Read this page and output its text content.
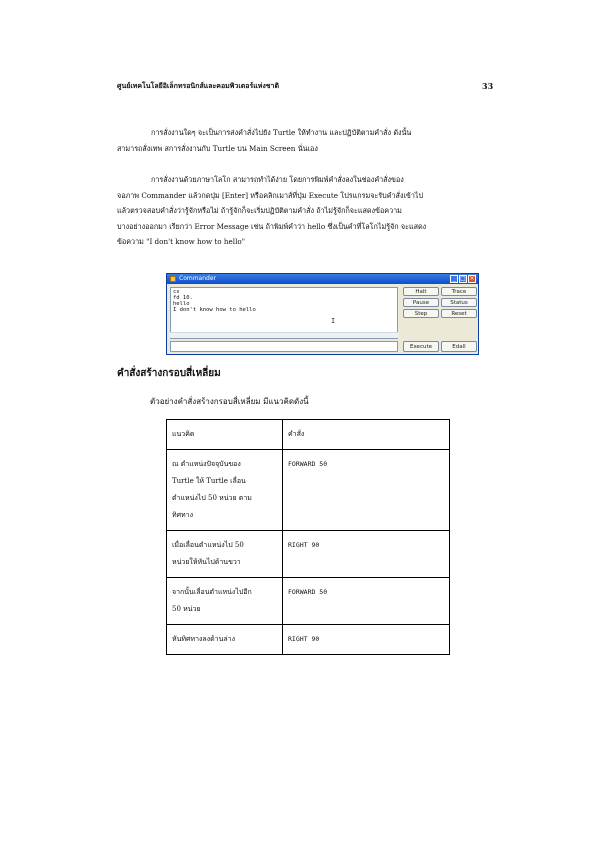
ศูนย์เทคโนโลยีอิเล็กทรอนิกส์และคอมพิวเตอร์แห่งชาติ	33
การสั่งงานใดๆ จะเป็นการส่งคำสั่งไปยัง Turtle ให้ทำงาน และปฏิบัติตามคำสั่ง ดังนั้น
สามารถสั่งเทพ สการสั่งงานกับ Turtle บน Main Screen นั่นเอง
การสั่งงานด้วยภาษาโลโก สามารถทำได้ง่าย โดยการพิมพ์คำสั่งลงในช่องคำสั่งของ
จอภาพ Commander แล้วกดปุ่ม [Enter] หรือคลิกเมาส์ที่ปุ่ม Execute โปรแกรมจะรับคำสั่งเข้าไป
แล้วตรวจสอบคำสั่งว่ารู้จักหรือไม่ ถ้ารู้จักก็จะเริ่มปฏิบัติตามคำสั่ง ถ้าไม่รู้จักก็จะแสดงข้อความ
บางอย่างออกมา เรียกว่า Error Message เช่น ถ้าพิมพ์คำว่า hello ซึ่งเป็นคำที่โลโกไม่รู้จัก จะแสดง
ข้อความ "I don't know how to hello"
Commander	_ □ ×
cs
fd 10.
hello
I don't know how to hello
I
Halt	Trace
Pause	Status
Step	Reset
Execute	Edall
คำสั่งสร้างกรอบสี่เหลี่ยม
ตัวอย่างคำสั่งสร้างกรอบสี่เหลี่ยม มีแนวคิดดังนี้
แนวคิด	คำสั่ง

ณ ตำแหน่งปัจจุบันของ
Turtle ให้ Turtle เลื่อน
ตำแหน่งไป 50 หน่วย ตาม
ทิศทาง	FORWARD 50

เมื่อเลื่อนตำแหน่งไป 50
หน่วยให้หันไปด้านขวา	RIGHT 90

จากนั้นเลื่อนตำแหน่งไปอีก
50 หน่วย	FORWARD 50

หันทิศทางลงด้านล่าง	RIGHT 90
